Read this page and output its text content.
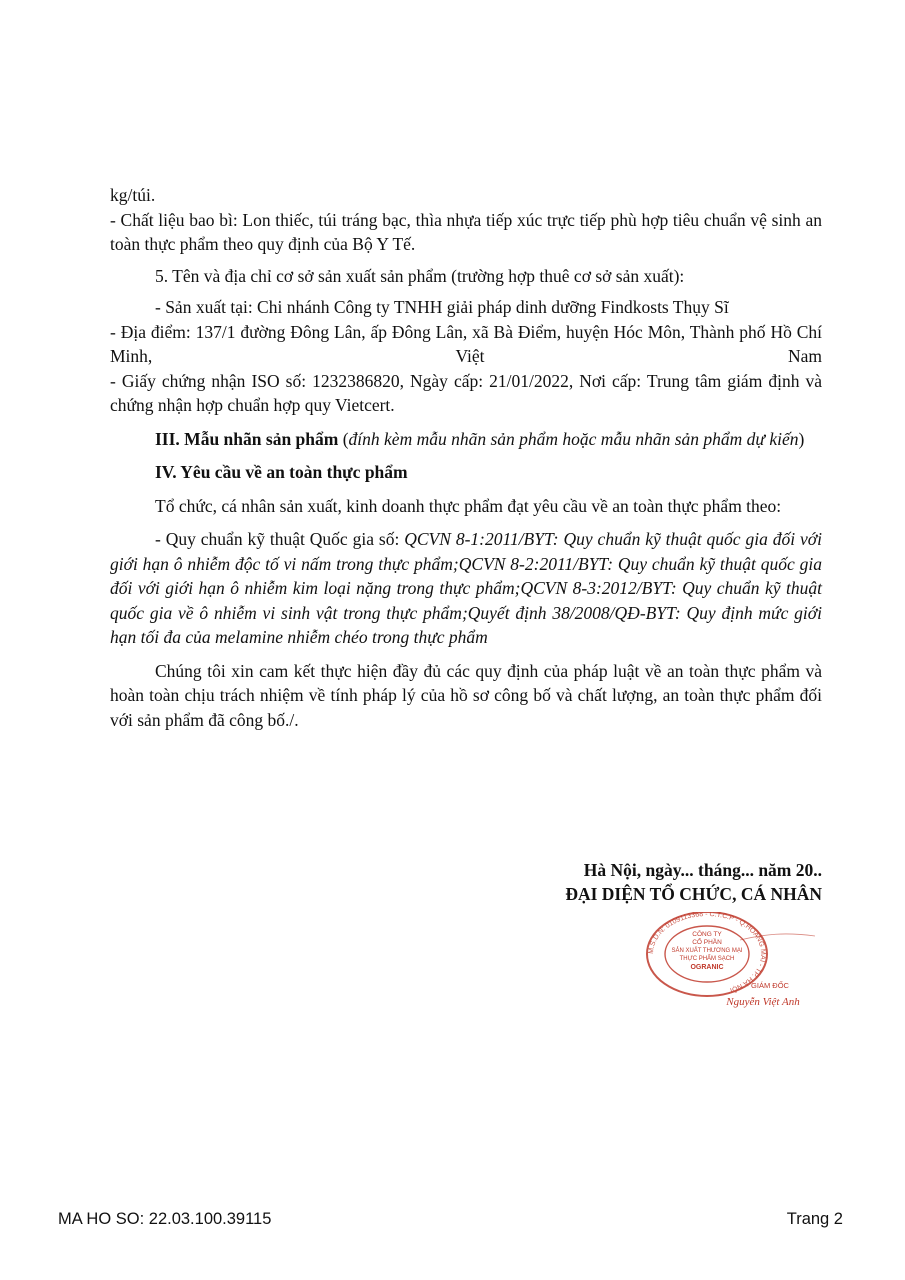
kg/túi.

- Chất liệu bao bì: Lon thiếc, túi tráng bạc, thìa nhựa tiếp xúc trực tiếp phù hợp tiêu chuẩn vệ sinh an toàn thực phẩm theo quy định của Bộ Y Tế.

5. Tên và địa chỉ cơ sở sản xuất sản phẩm (trường hợp thuê cơ sở sản xuất):

- Sản xuất tại: Chi nhánh Công ty TNHH giải pháp dinh dưỡng Findkosts Thụy Sĩ

- Địa điểm: 137/1 đường Đông Lân, ấp Đông Lân, xã Bà Điểm, huyện Hóc Môn, Thành phố Hồ Chí Minh, Việt Nam

- Giấy chứng nhận ISO số: 1232386820, Ngày cấp: 21/01/2022, Nơi cấp: Trung tâm giám định và chứng nhận hợp chuẩn hợp quy Vietcert.

III. Mẫu nhãn sản phẩm (đính kèm mẫu nhãn sản phẩm hoặc mẫu nhãn sản phẩm dự kiến)

IV. Yêu cầu về an toàn thực phẩm

Tổ chức, cá nhân sản xuất, kinh doanh thực phẩm đạt yêu cầu về an toàn thực phẩm theo:

- Quy chuẩn kỹ thuật Quốc gia số: QCVN 8-1:2011/BYT: Quy chuẩn kỹ thuật quốc gia đối với giới hạn ô nhiễm độc tố vi nấm trong thực phẩm;QCVN 8-2:2011/BYT: Quy chuẩn kỹ thuật quốc gia đối với giới hạn ô nhiễm kim loại nặng trong thực phẩm;QCVN 8-3:2012/BYT: Quy chuẩn kỹ thuật quốc gia về ô nhiễm vi sinh vật trong thực phẩm;Quyết định 38/2008/QĐ-BYT: Quy định mức giới hạn tối đa của melamine nhiễm chéo trong thực phẩm

Chúng tôi xin cam kết thực hiện đầy đủ các quy định của pháp luật về an toàn thực phẩm và hoàn toàn chịu trách nhiệm về tính pháp lý của hồ sơ công bố và chất lượng, an toàn thực phẩm đối với sản phẩm đã công bố./.

Hà Nội, ngày... tháng... năm 20..
ĐẠI DIỆN TỔ CHỨC, CÁ NHÂN
M.S.D.N: 0109113368 - C.T.C.P - Q.HOÀNG MAI - TP. HÀ NỘI
CÔNG TY
CỔ PHẦN
SẢN XUẤT THƯƠNG MẠI
THỰC PHẨM SẠCH
OGRANIC
GIÁM ĐỐC
Nguyễn Việt Anh
MA HO SO: 22.03.100.39115	Trang 2
